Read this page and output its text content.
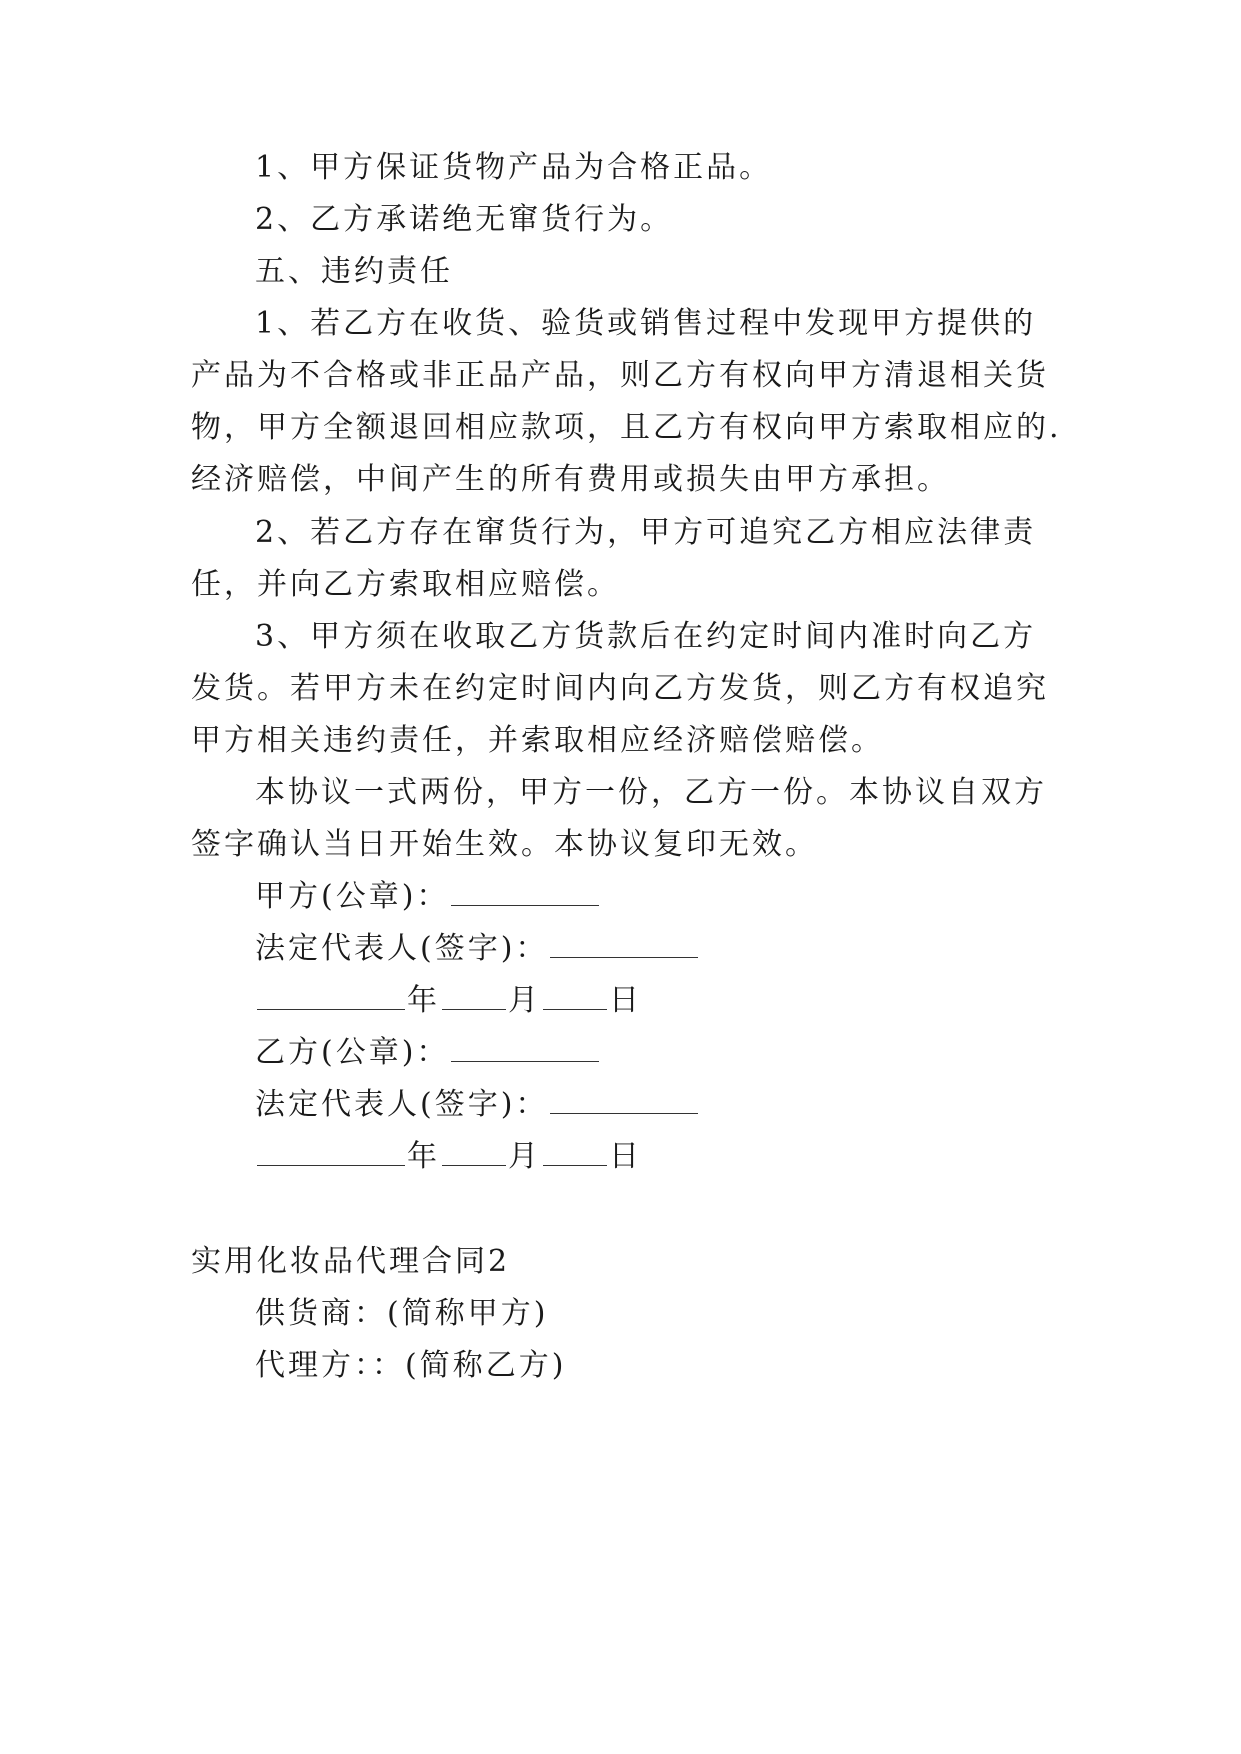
1、甲方保证货物产品为合格正品。
2、乙方承诺绝无窜货行为。
五、违约责任
1、若乙方在收货、验货或销售过程中发现甲方提供的
产品为不合格或非正品产品，则乙方有权向甲方清退相关货
物，甲方全额退回相应款项，且乙方有权向甲方索取相应的.
经济赔偿，中间产生的所有费用或损失由甲方承担。
2、若乙方存在窜货行为，甲方可追究乙方相应法律责
任，并向乙方索取相应赔偿。
3、甲方须在收取乙方货款后在约定时间内准时向乙方
发货。若甲方未在约定时间内向乙方发货，则乙方有权追究
甲方相关违约责任，并索取相应经济赔偿赔偿。
本协议一式两份，甲方一份，乙方一份。本协议自双方
签字确认当日开始生效。本协议复印无效。
甲方(公章)：
法定代表人(签字)：
年 月 日
乙方(公章)：
法定代表人(签字)：
年 月 日
实用化妆品代理合同2
供货商：(简称甲方)
代理方：：(简称乙方)
